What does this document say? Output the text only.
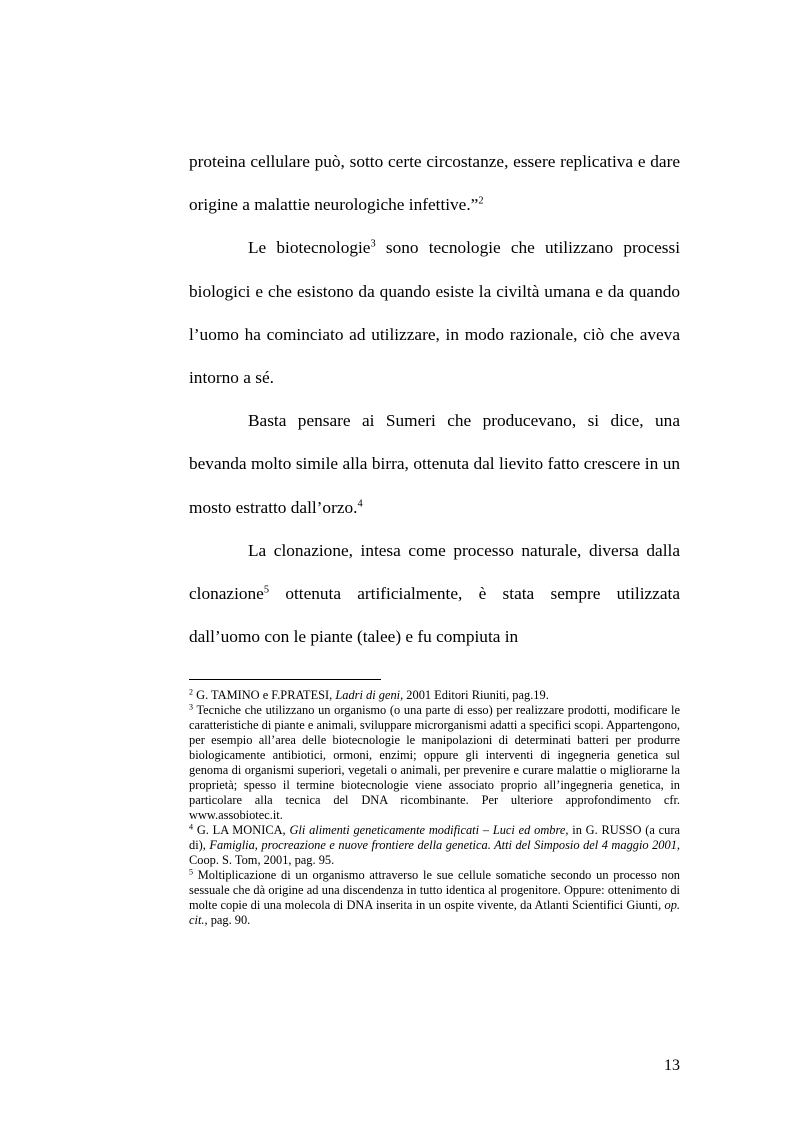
proteina cellulare può, sotto certe circostanze, essere replicativa e dare origine a malattie neurologiche infettive.”$^2$

Le biotecnologie$^3$ sono tecnologie che utilizzano processi biologici e che esistono da quando esiste la civiltà umana e da quando l’uomo ha cominciato ad utilizzare, in modo razionale, ciò che aveva intorno a sé.

Basta pensare ai Sumeri che producevano, si dice, una bevanda molto simile alla birra, ottenuta dal lievito fatto crescere in un mosto estratto dall’orzo.$^4$

La clonazione, intesa come processo naturale, diversa dalla clonazione$^5$ ottenuta artificialmente, è stata sempre utilizzata dall’uomo con le piante (talee) e fu compiuta in

$^2$ G. TAMINO e F.PRATESI, Ladri di geni, 2001 Editori Riuniti, pag.19.

$^3$ Tecniche che utilizzano un organismo (o una parte di esso) per realizzare prodotti, modificare le caratteristiche di piante e animali, sviluppare microrganismi adatti a specifici scopi. Appartengono, per esempio all’area delle biotecnologie le manipolazioni di determinati batteri per produrre biologicamente antibiotici, ormoni, enzimi; oppure gli interventi di ingegneria genetica sul genoma di organismi superiori, vegetali o animali, per prevenire e curare malattie o migliorarne la proprietà; spesso il termine biotecnologie viene associato proprio all’ingegneria genetica, in particolare alla tecnica del DNA ricombinante. Per ulteriore approfondimento cfr. www.assobiotec.it.

$^4$ G. LA MONICA, Gli alimenti geneticamente modificati – Luci ed ombre, in G. RUSSO (a cura di), Famiglia, procreazione e nuove frontiere della genetica. Atti del Simposio del 4 maggio 2001, Coop. S. Tom, 2001, pag. 95.

$^5$ Moltiplicazione di un organismo attraverso le sue cellule somatiche secondo un processo non sessuale che dà origine ad una discendenza in tutto identica al progenitore. Oppure: ottenimento di molte copie di una molecola di DNA inserita in un ospite vivente, da Atlanti Scientifici Giunti, op. cit., pag. 90.

13
